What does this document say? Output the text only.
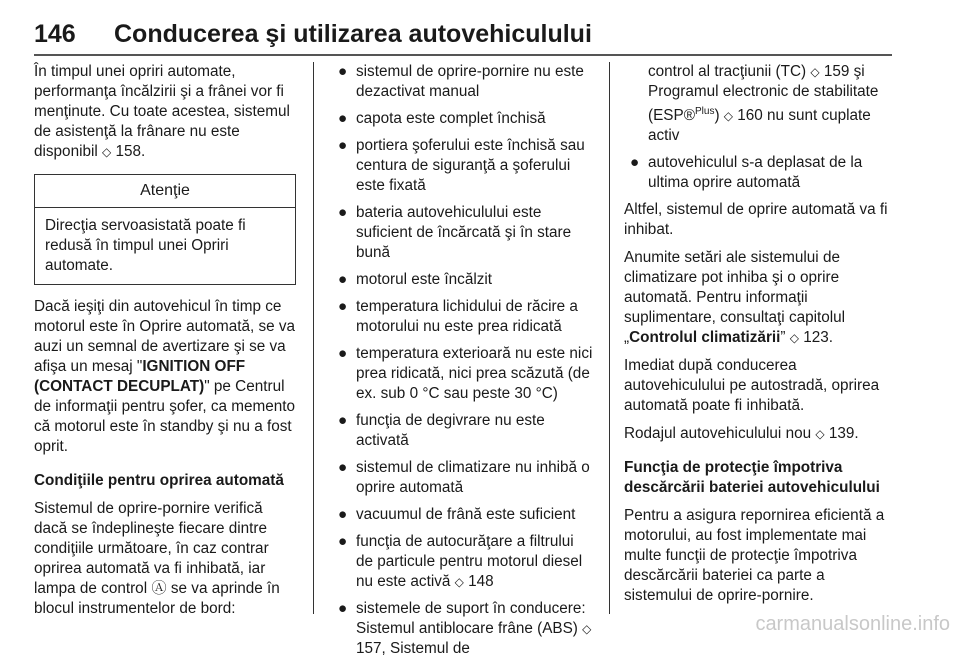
146	Conducerea şi utilizarea autovehiculului

În timpul unei opriri automate, performanţa încălzirii şi a frânei vor fi menţinute. Cu toate acestea, sistemul de asistenţă la frânare nu este disponibil ◇ 158.

Atenţie
Direcţia servoasistată poate fi redusă în timpul unei Opriri automate.

Dacă ieşiţi din autovehicul în timp ce motorul este în Oprire automată, se va auzi un semnal de avertizare şi se va afişa un mesaj "IGNITION OFF (CONTACT DECUPLAT)" pe Centrul de informaţii pentru şofer, ca memento că motorul este în standby şi nu a fost oprit.

Condiţiile pentru oprirea automată

Sistemul de oprire-pornire verifică dacă se îndeplineşte fiecare dintre condiţiile următoare, în caz contrar oprirea automată va fi inhibată, iar lampa de control Ⓐ se va aprinde în blocul instrumentelor de bord:

● sistemul de oprire-pornire nu este dezactivat manual
● capota este complet închisă
● portiera şoferului este închisă sau centura de siguranţă a şoferului este fixată
● bateria autovehiculului este suficient de încărcată şi în stare bună
● motorul este încălzit
● temperatura lichidului de răcire a motorului nu este prea ridicată
● temperatura exterioară nu este nici prea ridicată, nici prea scăzută (de ex. sub 0 °C sau peste 30 °C)
● funcţia de degivrare nu este activată
● sistemul de climatizare nu inhibă o oprire automată
● vacuumul de frână este suficient
● funcţia de autocurăţare a filtrului de particule pentru motorul diesel nu este activă ◇ 148
● sistemele de suport în conducere: Sistemul antiblocare frâne (ABS) ◇ 157, Sistemul de
control al tracţiunii (TC) ◇ 159 şi Programul electronic de stabilitate (ESP®$^{Plus}$) ◇ 160 nu sunt cuplate activ
● autovehiculul s-a deplasat de la ultima oprire automată

Altfel, sistemul de oprire automată va fi inhibat.

Anumite setări ale sistemului de climatizare pot inhiba şi o oprire automată. Pentru informaţii suplimentare, consultaţi capitolul „Controlul climatizării” ◇ 123.

Imediat după conducerea autovehiculului pe autostradă, oprirea automată poate fi inhibată.

Rodajul autovehiculului nou ◇ 139.

Funcţia de protecţie împotriva descărcării bateriei autovehiculului

Pentru a asigura repornirea eficientă a motorului, au fost implementate mai multe funcţii de protecţie împotriva descărcării bateriei ca parte a sistemului de oprire-pornire.

carmanualsonline.info
